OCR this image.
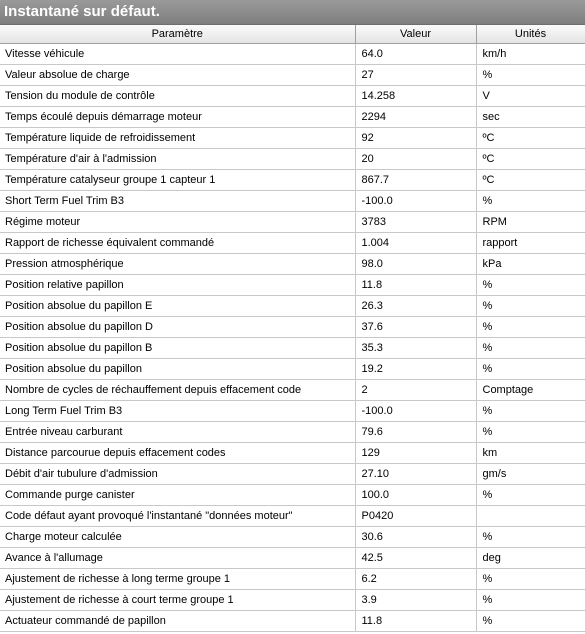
Instantané sur défaut.
Paramètre	Valeur	Unités
Vitesse véhicule	64.0	km/h
Valeur absolue de charge	27	%
Tension du module de contrôle	14.258	V
Temps écoulé depuis démarrage moteur	2294	sec
Température liquide de refroidissement	92	ºC
Température d'air à l'admission	20	ºC
Température catalyseur groupe 1 capteur 1	867.7	ºC
Short Term Fuel Trim B3	-100.0	%
Régime moteur	3783	RPM
Rapport de richesse équivalent commandé	1.004	rapport
Pression atmosphérique	98.0	kPa
Position relative papillon	11.8	%
Position absolue du papillon E	26.3	%
Position absolue du papillon D	37.6	%
Position absolue du papillon B	35.3	%
Position absolue du papillon	19.2	%
Nombre de cycles de réchauffement depuis effacement code	2	Comptage
Long Term Fuel Trim B3	-100.0	%
Entrée niveau carburant	79.6	%
Distance parcourue depuis effacement codes	129	km
Débit d'air tubulure d'admission	27.10	gm/s
Commande purge canister	100.0	%
Code défaut ayant provoqué l'instantané "données moteur"	P0420	
Charge moteur calculée	30.6	%
Avance à l'allumage	42.5	deg
Ajustement de richesse à long terme groupe 1	6.2	%
Ajustement de richesse à court terme groupe 1	3.9	%
Actuateur commandé de papillon	11.8	%
